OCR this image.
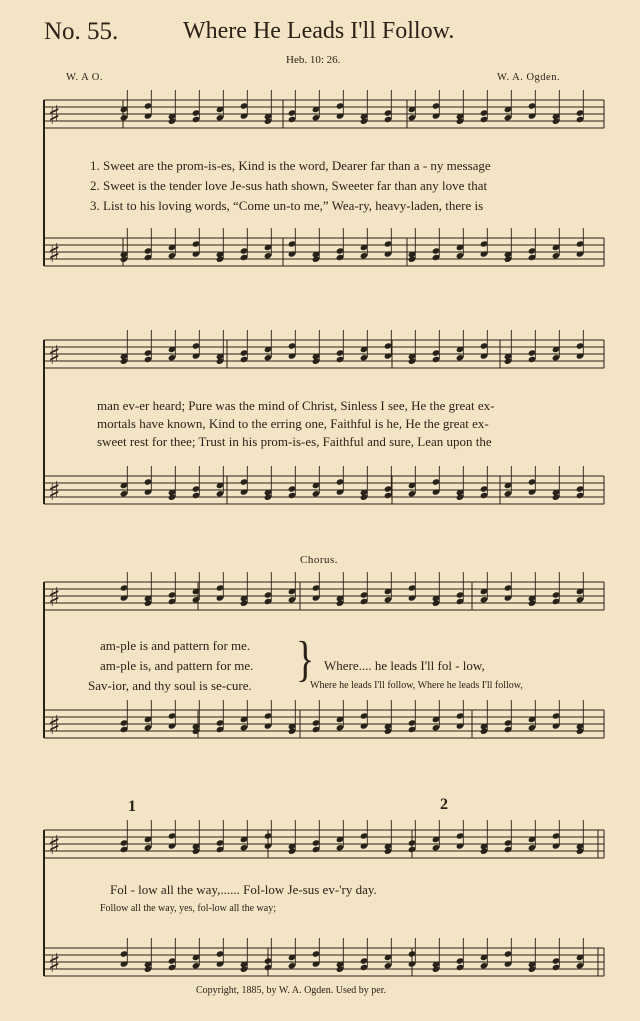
No. 55.	Where He Leads I'll Follow.
Heb. 10: 26.
W. A O.	W. A. Ogden.
♯
♯
♯
♯
♯
♯
♯
♯
1. Sweet are the prom-is-es, Kind is the word, Dearer far than a - ny message
2. Sweet is the tender love Je-sus hath shown, Sweeter far than any love that
3. List to his loving words, “Come un-to me,” Wea-ry, heavy-laden, there is
man ev-er heard; Pure was the mind of Christ, Sinless I see, He the great ex-
mortals have known, Kind to the erring one, Faithful is he, He the great ex-
sweet rest for thee; Trust in his prom-is-es, Faithful and sure, Lean upon the
Chorus.
am-ple is and pattern for me.
am-ple is, and pattern for me.
Sav-ior, and thy soul is se-cure. } Where.... he leads I'll fol - low,
Where he leads I'll follow, Where he leads I'll follow,
1	2
Fol - low all the way,...... Fol-low Je-sus ev-'ry day.
Follow all the way, yes, fol-low all the way;
Copyright, 1885, by W. A. Ogden. Used by per.
